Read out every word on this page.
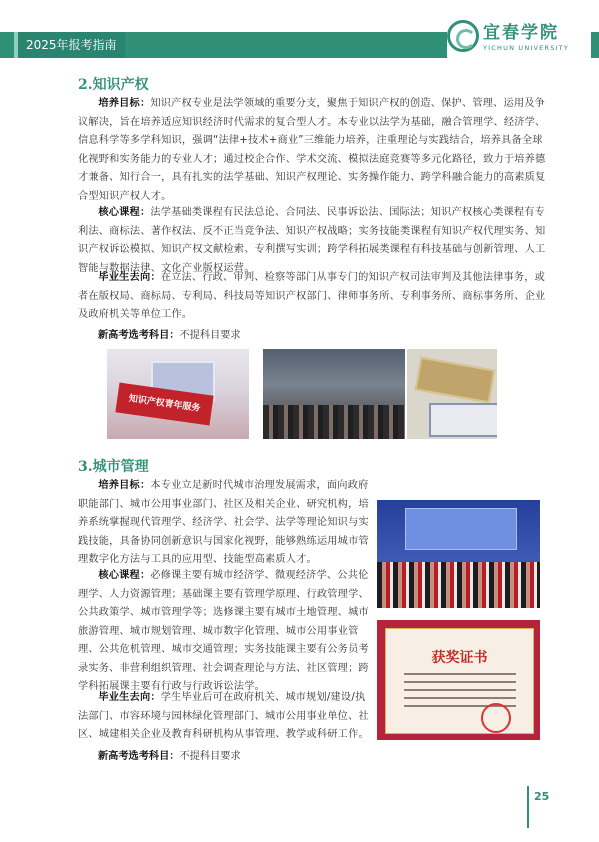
2025年报考指南
宜春学院
YICHUN UNIVERSITY
2.知识产权
培养目标：知识产权专业是法学领域的重要分支，聚焦于知识产权的创造、保护、管理、运用及争议解决，旨在培养适应知识经济时代需求的复合型人才。本专业以法学为基础，融合管理学、经济学、信息科学等多学科知识，强调“法律+技术+商业”三维能力培养，注重理论与实践结合，培养具备全球化视野和实务能力的专业人才；通过校企合作、学术交流、模拟法庭竞赛等多元化路径，致力于培养德才兼备、知行合一，具有扎实的法学基础、知识产权理论、实务操作能力、跨学科融合能力的高素质复合型知识产权人才。
核心课程：法学基础类课程有民法总论、合同法、民事诉讼法、国际法；知识产权核心类课程有专利法、商标法、著作权法、反不正当竞争法、知识产权战略；实务技能类课程有知识产权代理实务、知识产权诉讼模拟、知识产权文献检索、专利撰写实训；跨学科拓展类课程有科技基础与创新管理、人工智能与数据法律、文化产业版权运营。
毕业生去向：在立法、行政、审判、检察等部门从事专门的知识产权司法审判及其他法律事务，或者在版权局、商标局、专利局、科技局等知识产权部门、律师事务所、专利事务所、商标事务所、企业及政府机关等单位工作。
新高考选考科目：不提科目要求
知识产权青年服务
3.城市管理
培养目标：本专业立足新时代城市治理发展需求，面向政府职能部门、城市公用事业部门、社区及相关企业、研究机构，培养系统掌握现代管理学、经济学、社会学、法学等理论知识与实践技能，具备协同创新意识与国家化视野，能够熟练运用城市管理数字化方法与工具的应用型、技能型高素质人才。
核心课程：必修课主要有城市经济学、微观经济学、公共伦理学、人力资源管理；基础课主要有管理学原理、行政管理学、公共政策学、城市管理学等；选修课主要有城市土地管理、城市旅游管理、城市规划管理、城市数字化管理、城市公用事业管理、公共危机管理、城市交通管理；实务技能课主要有公务员考录实务、非营利组织管理、社会调查理论与方法、社区管理；跨学科拓展课主要有行政与行政诉讼法学。
毕业生去向：学生毕业后可在政府机关、城市规划/建设/执法部门、市容环境与园林绿化管理部门、城市公用事业单位、社区、城建相关企业及教育科研机构从事管理、教学或科研工作。
新高考选考科目：不提科目要求
获奖证书
25
